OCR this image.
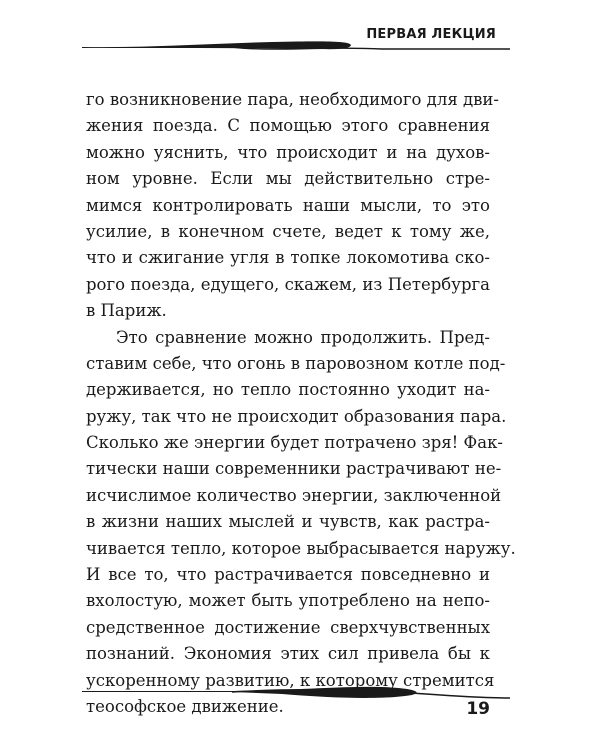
ПЕРВАЯ ЛЕКЦИЯ
го возникновение пара, необходимого для дви-
жения поезда. С помощью этого сравнения
можно уяснить, что происходит и на духов-
ном уровне. Если мы действительно стре-
мимся контролировать наши мысли, то это
усилие, в конечном счете, ведет к тому же,
что и сжигание угля в топке локомотива ско-
рого поезда, едущего, скажем, из Петербурга
в Париж.
Это сравнение можно продолжить. Пред-
ставим себе, что огонь в паровозном котле под-
держивается, но тепло постоянно уходит на-
ружу, так что не происходит образования пара.
Сколько же энергии будет потрачено зря! Фак-
тически наши современники растрачивают не-
исчислимое количество энергии, заключенной
в жизни наших мыслей и чувств, как растра-
чивается тепло, которое выбрасывается наружу.
И все то, что растрачивается повседневно и
вхолостую, может быть употреблено на непо-
средственное достижение сверхчувственных
познаний. Экономия этих сил привела бы к
ускоренному развитию, к которому стремится
теософское движение.	19
